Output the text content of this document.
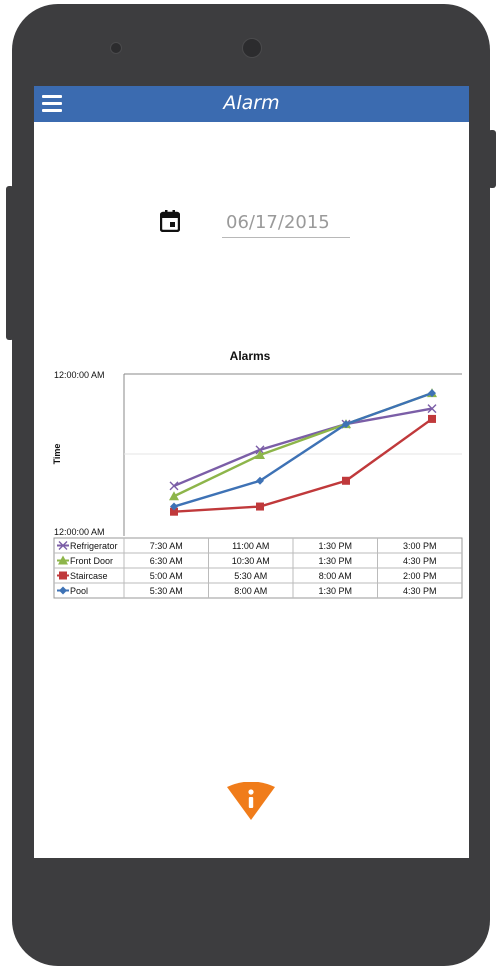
Alarm
06/17/2015
Alarms
12:00:00 AM
12:00:00 AM
Time
Refrigerator	7:30 AM	11:00 AM	1:30 PM	3:00 PM
Front Door	6:30 AM	10:30 AM	1:30 PM	4:30 PM
Staircase	5:00 AM	5:30 AM	8:00 AM	2:00 PM
Pool	5:30 AM	8:00 AM	1:30 PM	4:30 PM
